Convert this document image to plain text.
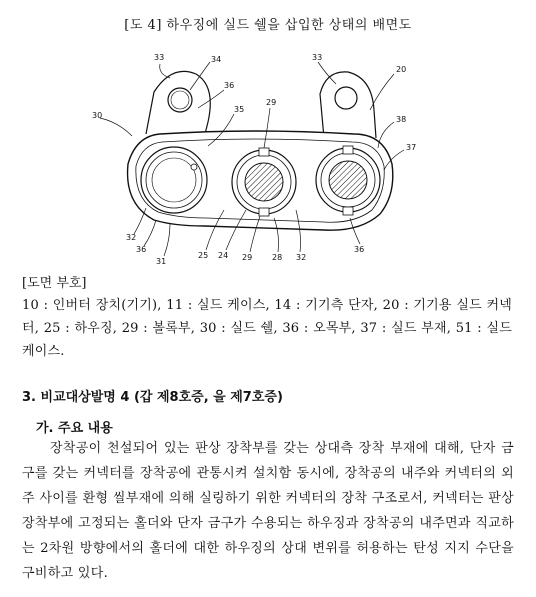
[도 4] 하우징에 실드 쉘을 삽입한 상태의 배면도
33	34
36
35
29
33
20
30	38
37
32
36
31
25 24 29 28 32
36
[도면 부호]
10 : 인버터 장치(기기), 11 : 실드 케이스, 14 : 기기측 단자, 20 : 기기용 실드 커넥터, 25 : 하우징, 29 : 볼록부, 30 : 실드 쉘, 36 : 오목부, 37 : 실드 부재, 51 : 실드 케이스.
3. 비교대상발명 4 (갑 제8호증, 을 제7호증)
가. 주요 내용
장착공이 천설되어 있는 판상 장착부를 갖는 상대측 장착 부재에 대해, 단자 금구를 갖는 커넥터를 장착공에 관통시켜 설치함 동시에, 장착공의 내주와 커넥터의 외주 사이를 환형 씰부재에 의해 실링하기 위한 커넥터의 장착 구조로서, 커넥터는 판상 장착부에 고정되는 홀더와 단자 금구가 수용되는 하우징과 장착공의 내주면과 직교하는 2차원 방향에서의 홀더에 대한 하우징의 상대 변위를 허용하는 탄성 지지 수단을 구비하고 있다.
